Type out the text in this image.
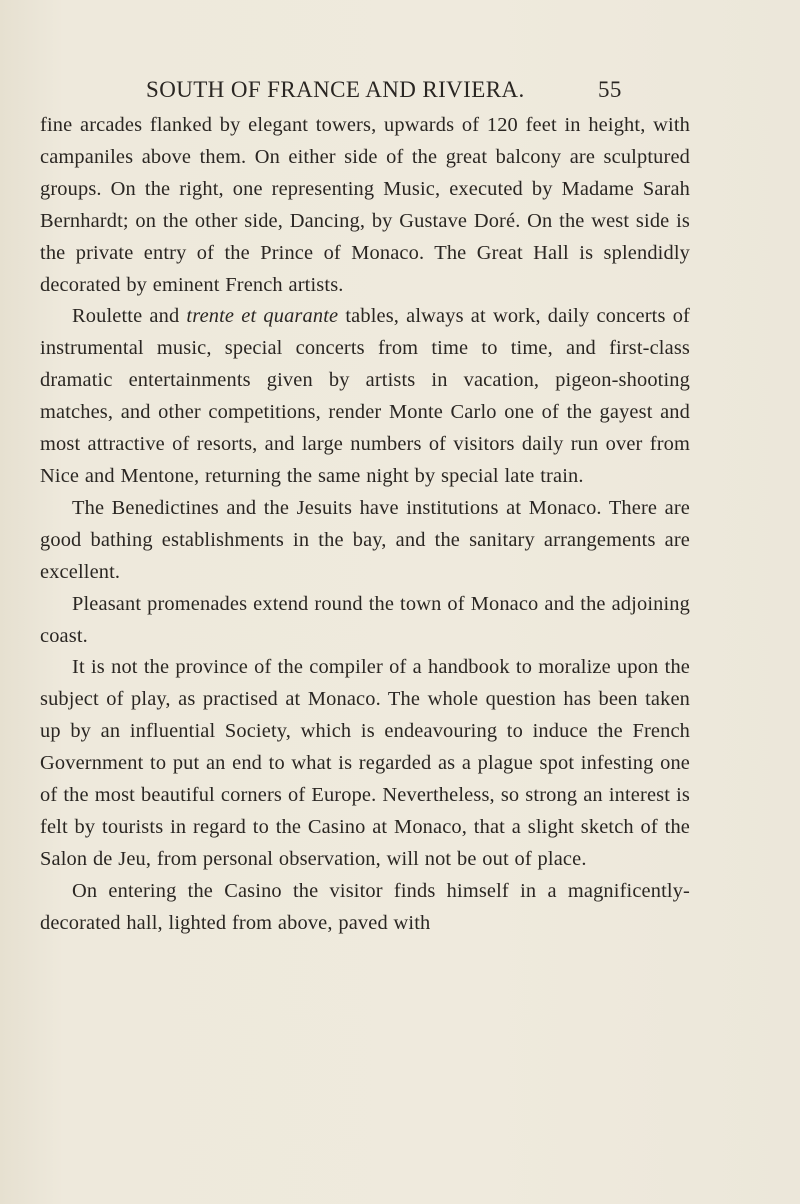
SOUTH OF FRANCE AND RIVIERA.	55

fine arcades flanked by elegant towers, upwards of 120 feet in height, with campaniles above them. On either side of the great balcony are sculptured groups. On the right, one representing Music, executed by Madame Sarah Bernhardt; on the other side, Dancing, by Gustave Doré. On the west side is the private entry of the Prince of Monaco. The Great Hall is splendidly decorated by eminent French artists.

Roulette and trente et quarante tables, always at work, daily concerts of instrumental music, special concerts from time to time, and first-class dramatic entertainments given by artists in vacation, pigeon-shooting matches, and other competitions, render Monte Carlo one of the gayest and most attractive of resorts, and large numbers of visitors daily run over from Nice and Mentone, returning the same night by special late train.

The Benedictines and the Jesuits have institutions at Monaco. There are good bathing establishments in the bay, and the sanitary arrangements are excellent.

Pleasant promenades extend round the town of Monaco and the adjoining coast.

It is not the province of the compiler of a handbook to moralize upon the subject of play, as practised at Monaco. The whole question has been taken up by an influential Society, which is endeavouring to induce the French Government to put an end to what is regarded as a plague spot infesting one of the most beautiful corners of Europe. Nevertheless, so strong an interest is felt by tourists in regard to the Casino at Monaco, that a slight sketch of the Salon de Jeu, from personal observation, will not be out of place.

On entering the Casino the visitor finds himself in a magnificently-decorated hall, lighted from above, paved with
